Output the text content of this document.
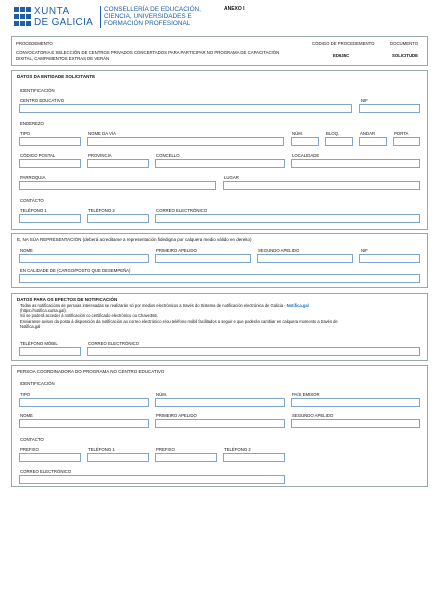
XUNTA
DE GALICIA
CONSELLERÍA DE EDUCACIÓN,
CIENCIA, UNIVERSIDADES E
FORMACIÓN PROFESIONAL
ANEXO I
PROCEDEMENTO
CONVOCATORIA E SELECCIÓN DE CENTROS PRIVADOS CONCERTADOS PARA PARTICIPAR NO PROGRAMA DE CAPACITACIÓN
DIXITAL, CAMPAMENTOS EXTRAS DE VERÁN
CÓDIGO DE PROCEDEMENTO
ED635C
DOCUMENTO
SOLICITUDE
DATOS DA ENTIDADE SOLICITANTE
IDENTIFICACIÓN
CENTRO EDUCATIVO	NIF
ENDEREZO
TIPO	NOME DA VÍA	NÚM.	BLOQ.	ANDAR	PORTA
CÓDIGO POSTAL	PROVINCIA	CONCELLO	LOCALIDADE
PARROQUIA	LUGAR
CONTACTO
TELÉFONO 1	TELÉFONO 2	CORREO ELECTRÓNICO
E, NA SÚA REPRESENTACIÓN (deberá acreditarse a representación fidedigna por calquera medio válido en dereito)
NOME	PRIMEIRO APELIDO	SEGUNDO APELIDO	NIF
EN CALIDADE DE (CARGO/POSTO QUE DESEMPEÑA)
DATOS PARA OS EFECTOS DE NOTIFICACIÓN
Todas as notificacións de persoas interesadas se realizarán só por medios electrónicos a través do Sistema de notificación electrónica de Galicia - Notifica.gal
(https://notifica.xunta.gal).
Só se poderá acceder á notificación co certificado electrónico ou Chave365.
Enviaranse avisos da posta á disposición da notificación ao correo electrónico e/ou teléfono móbil facilitados a seguir e que poderán cambiar en calquera momento a través de
Notifica.gal
TELÉFONO MÓBIL	CORREO ELECTRÓNICO
PERSOA COORDINADORA DO PROGRAMA NO CENTRO EDUCATIVO
IDENTIFICACIÓN
TIPO	NÚM.	PAÍS EMISOR
NOME	PRIMEIRO APELIDO	SEGUNDO APELIDO
CONTACTO
PREFIXO	TELÉFONO 1	PREFIXO	TELÉFONO 2
CORREO ELECTRÓNICO
